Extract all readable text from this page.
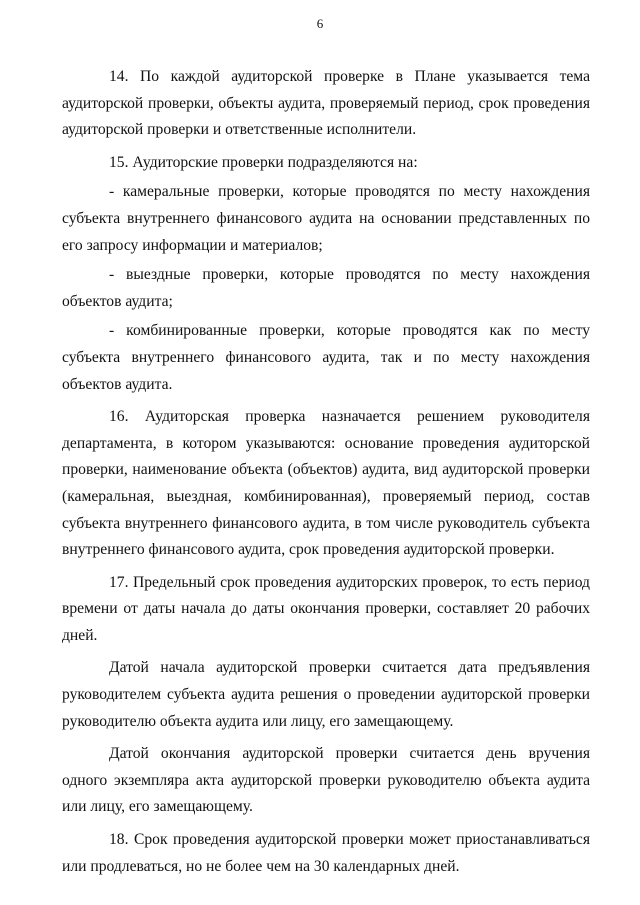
6

14. По каждой аудиторской проверке в Плане указывается тема аудиторской проверки, объекты аудита, проверяемый период, срок проведения аудиторской проверки и ответственные исполнители.

15. Аудиторские проверки подразделяются на:

- камеральные проверки, которые проводятся по месту нахождения субъекта внутреннего финансового аудита на основании представленных по его запросу информации и материалов;

- выездные проверки, которые проводятся по месту нахождения объектов аудита;

- комбинированные проверки, которые проводятся как по месту субъекта внутреннего финансового аудита, так и по месту нахождения объектов аудита.

16. Аудиторская проверка назначается решением руководителя департамента, в котором указываются: основание проведения аудиторской проверки, наименование объекта (объектов) аудита, вид аудиторской проверки (камеральная, выездная, комбинированная), проверяемый период, состав субъекта внутреннего финансового аудита, в том числе руководитель субъекта внутреннего финансового аудита, срок проведения аудиторской проверки.

17. Предельный срок проведения аудиторских проверок, то есть период времени от даты начала до даты окончания проверки, составляет 20 рабочих дней.

Датой начала аудиторской проверки считается дата предъявления руководителем субъекта аудита решения о проведении аудиторской проверки руководителю объекта аудита или лицу, его замещающему.

Датой окончания аудиторской проверки считается день вручения одного экземпляра акта аудиторской проверки руководителю объекта аудита или лицу, его замещающему.

18. Срок проведения аудиторской проверки может приостанавливаться или продлеваться, но не более чем на 30 календарных дней.
